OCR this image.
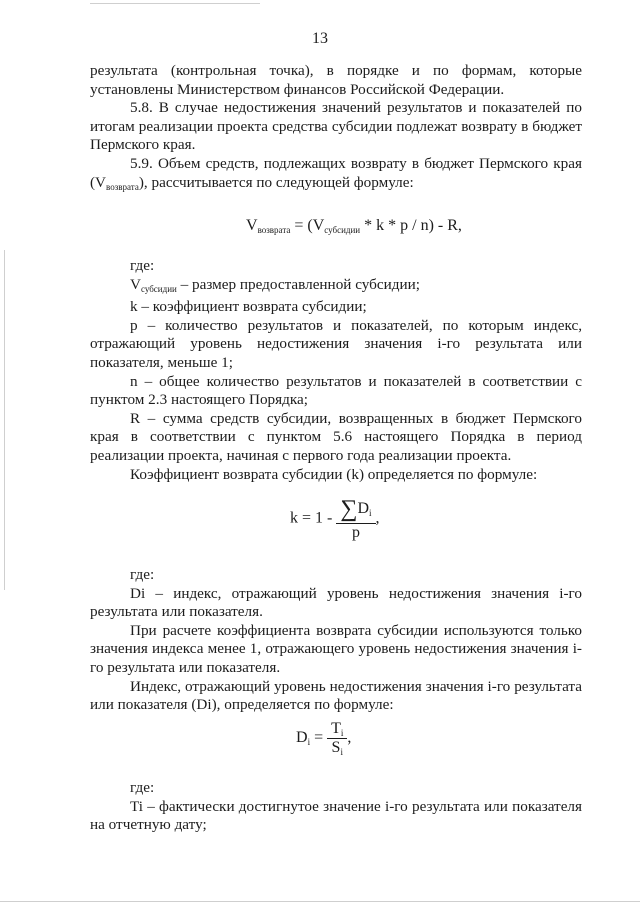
13

результата (контрольная точка), в порядке и по формам, которые установлены Министерством финансов Российской Федерации.

5.8. В случае недостижения значений результатов и показателей по итогам реализации проекта средства субсидии подлежат возврату в бюджет Пермского края.

5.9. Объем средств, подлежащих возврату в бюджет Пермского края $(V_{возврата})$, рассчитывается по следующей формуле:

$V_{возврата} = (V_{субсидии} * k * p / n) - R$,

где:

$V_{субсидии}$ – размер предоставленной субсидии;

k – коэффициент возврата субсидии;

p – количество результатов и показателей, по которым индекс, отражающий уровень недостижения значения i-го результата или показателя, меньше 1;

n – общее количество результатов и показателей в соответствии с пунктом 2.3 настоящего Порядка;

R – сумма средств субсидии, возвращенных в бюджет Пермского края в соответствии с пунктом 5.6 настоящего Порядка в период реализации проекта, начиная с первого года реализации проекта.

Коэффициент возврата субсидии (k) определяется по формуле:

$k = 1 - \frac{\sum D_i}{p}$ ,

где:

Di – индекс, отражающий уровень недостижения значения i-го результата или показателя.

При расчете коэффициента возврата субсидии используются только значения индекса менее 1, отражающего уровень недостижения значения i-го результата или показателя.

Индекс, отражающий уровень недостижения значения i-го результата или показателя (Di), определяется по формуле:

$D_i = \frac{T_i}{S_i}$ ,

где:

Ti – фактически достигнутое значение i-го результата или показателя на отчетную дату;
